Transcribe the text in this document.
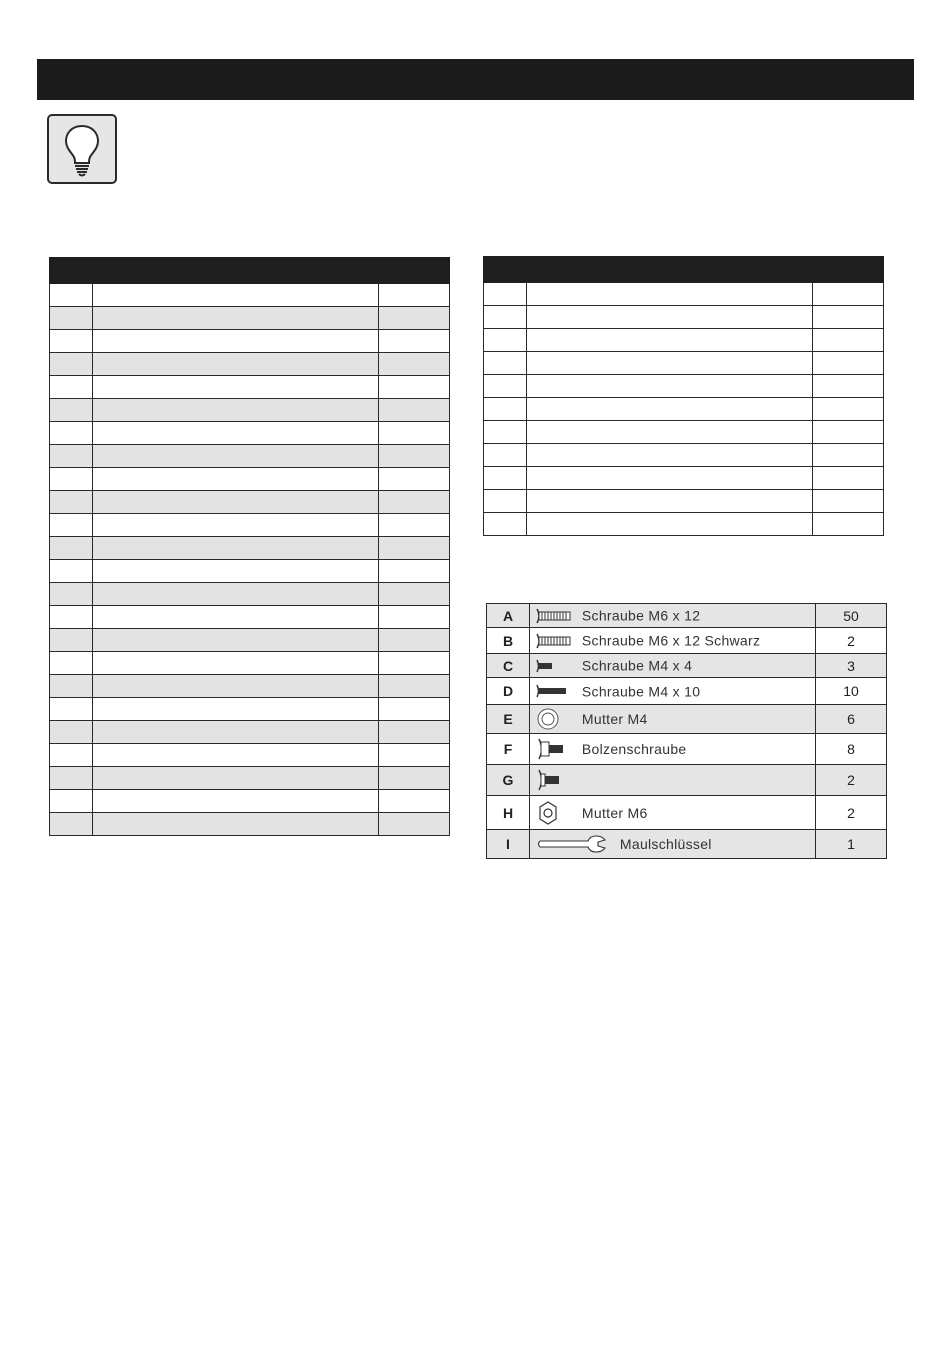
A	Schraube M6 x 12	50
B	Schraube M6 x 12 Schwarz	2
C	Schraube M4 x 4	3
D	Schraube M4 x 10	10
E	Mutter M4	6
F	Bolzenschraube	8
G		2
H	Mutter M6	2
I	Maulschlüssel	1
